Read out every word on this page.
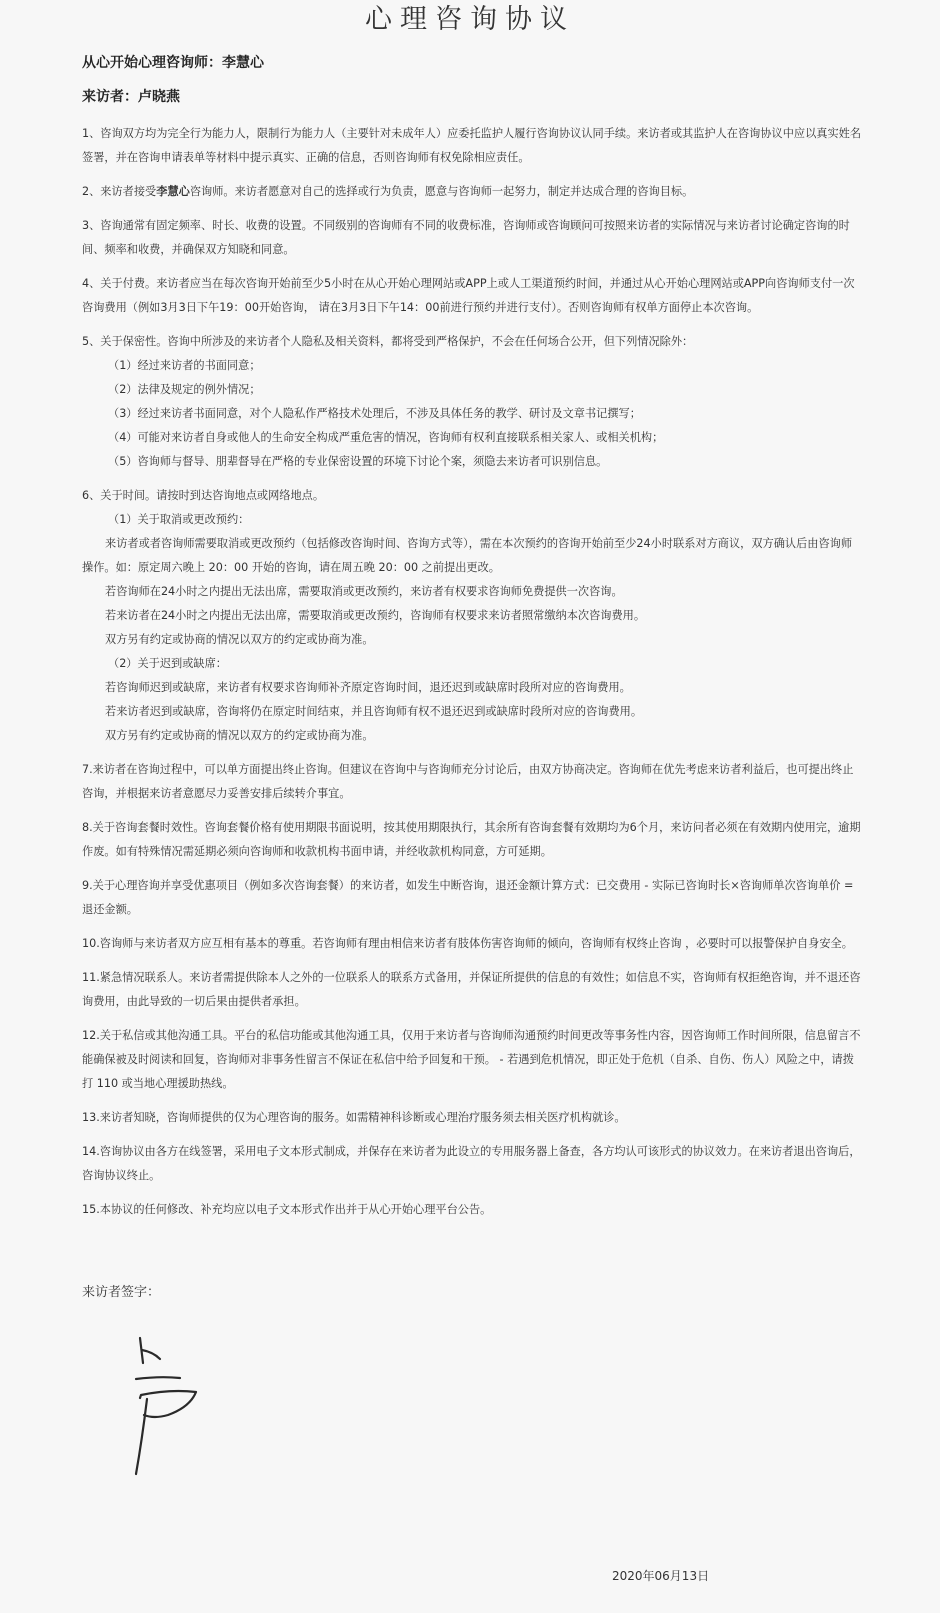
心理咨询协议
从心开始心理咨询师：李慧心
来访者：卢晓燕

1、咨询双方均为完全行为能力人，限制行为能力人（主要针对未成年人）应委托监护人履行咨询协议认同手续。来访者或其监护人在咨询协议中应以真实姓名签署，并在咨询申请表单等材料中提示真实、正确的信息，否则咨询师有权免除相应责任。

2、来访者接受李慧心咨询师。来访者愿意对自己的选择或行为负责，愿意与咨询师一起努力，制定并达成合理的咨询目标。

3、咨询通常有固定频率、时长、收费的设置。不同级别的咨询师有不同的收费标准，咨询师或咨询顾问可按照来访者的实际情况与来访者讨论确定咨询的时间、频率和收费，并确保双方知晓和同意。

4、关于付费。来访者应当在每次咨询开始前至少5小时在从心开始心理网站或APP上或人工渠道预约时间，并通过从心开始心理网站或APP向咨询师支付一次咨询费用（例如3月3日下午19：00开始咨询， 请在3月3日下午14：00前进行预约并进行支付）。否则咨询师有权单方面停止本次咨询。

5、关于保密性。咨询中所涉及的来访者个人隐私及相关资料，都将受到严格保护，不会在任何场合公开，但下列情况除外：

（1）经过来访者的书面同意；

（2）法律及规定的例外情况；

（3）经过来访者书面同意，对个人隐私作严格技术处理后，不涉及具体任务的教学、研讨及文章书记撰写；

（4）可能对来访者自身或他人的生命安全构成严重危害的情况，咨询师有权利直接联系相关家人、或相关机构；

（5）咨询师与督导、朋辈督导在严格的专业保密设置的环境下讨论个案，须隐去来访者可识别信息。

6、关于时间。请按时到达咨询地点或网络地点。

（1）关于取消或更改预约：

来访者或者咨询师需要取消或更改预约（包括修改咨询时间、咨询方式等），需在本次预约的咨询开始前至少24小时联系对方商议，双方确认后由咨询师操作。如：原定周六晚上 20：00 开始的咨询，请在周五晚 20：00 之前提出更改。

若咨询师在24小时之内提出无法出席，需要取消或更改预约，来访者有权要求咨询师免费提供一次咨询。

若来访者在24小时之内提出无法出席，需要取消或更改预约，咨询师有权要求来访者照常缴纳本次咨询费用。

双方另有约定或协商的情况以双方的约定或协商为准。

（2）关于迟到或缺席：

若咨询师迟到或缺席，来访者有权要求咨询师补齐原定咨询时间，退还迟到或缺席时段所对应的咨询费用。

若来访者迟到或缺席，咨询将仍在原定时间结束，并且咨询师有权不退还迟到或缺席时段所对应的咨询费用。

双方另有约定或协商的情况以双方的约定或协商为准。

7.来访者在咨询过程中，可以单方面提出终止咨询。但建议在咨询中与咨询师充分讨论后，由双方协商决定。咨询师在优先考虑来访者利益后，也可提出终止咨询，并根据来访者意愿尽力妥善安排后续转介事宜。

8.关于咨询套餐时效性。咨询套餐价格有使用期限书面说明，按其使用期限执行，其余所有咨询套餐有效期均为6个月，来访问者必须在有效期内使用完，逾期作废。如有特殊情况需延期必须向咨询师和收款机构书面申请，并经收款机构同意，方可延期。

9.关于心理咨询并享受优惠项目（例如多次咨询套餐）的来访者，如发生中断咨询，退还金额计算方式：已交费用 - 实际已咨询时长×咨询师单次咨询单价 = 退还金额。

10.咨询师与来访者双方应互相有基本的尊重。若咨询师有理由相信来访者有肢体伤害咨询师的倾向，咨询师有权终止咨询 ，必要时可以报警保护自身安全。

11.紧急情况联系人。来访者需提供除本人之外的一位联系人的联系方式备用，并保证所提供的信息的有效性；如信息不实，咨询师有权拒绝咨询，并不退还咨询费用，由此导致的一切后果由提供者承担。

12.关于私信或其他沟通工具。平台的私信功能或其他沟通工具，仅用于来访者与咨询师沟通预约时间更改等事务性内容，因咨询师工作时间所限，信息留言不能确保被及时阅读和回复，咨询师对非事务性留言不保证在私信中给予回复和干预。 - 若遇到危机情况，即正处于危机（自杀、自伤、伤人）风险之中，请拨打 110 或当地心理援助热线。

13.来访者知晓，咨询师提供的仅为心理咨询的服务。如需精神科诊断或心理治疗服务须去相关医疗机构就诊。

14.咨询协议由各方在线签署，采用电子文本形式制成，并保存在来访者为此设立的专用服务器上备查，各方均认可该形式的协议效力。在来访者退出咨询后，咨询协议终止。

15.本协议的任何修改、补充均应以电子文本形式作出并于从心开始心理平台公告。

来访者签字：
2020年06月13日
